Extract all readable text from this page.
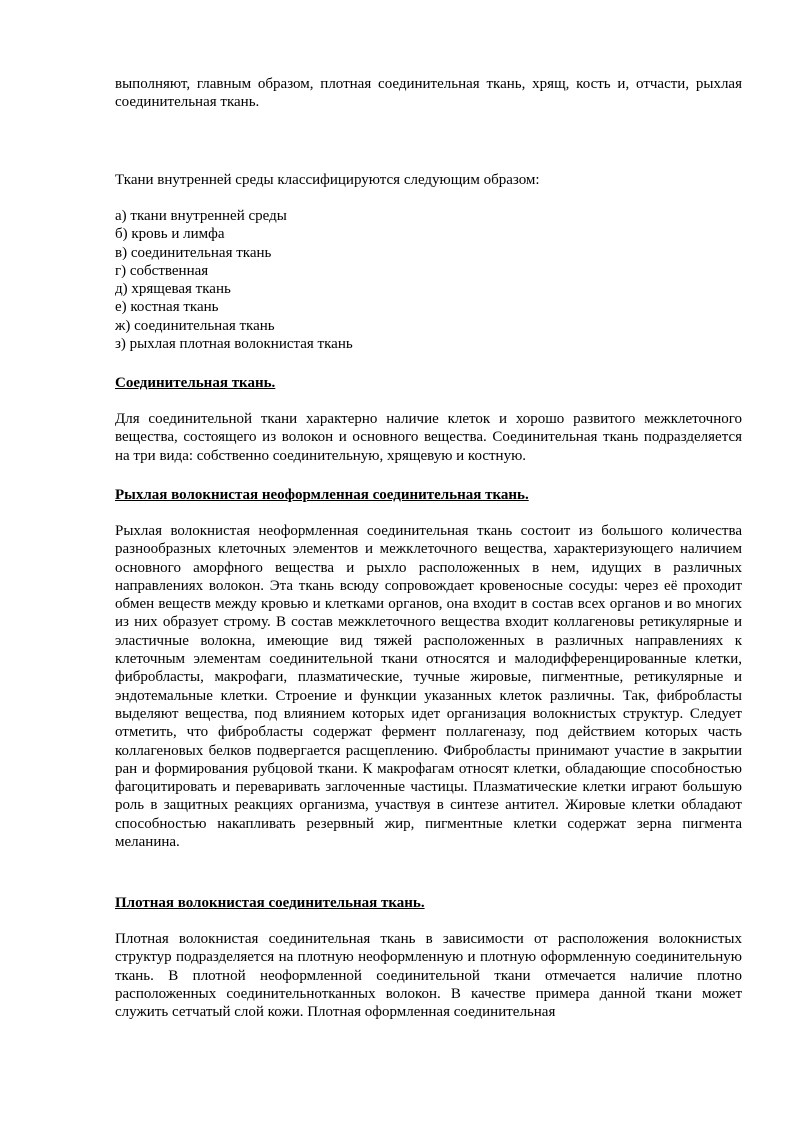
выполняют, главным образом, плотная соединительная ткань, хрящ, кость и, отчасти, рыхлая соединительная ткань.
Ткани внутренней среды классифицируются следующим образом:
а) ткани внутренней среды
б) кровь и лимфа
в) соединительная ткань
г) собственная
д) хрящевая ткань
е) костная ткань
ж) соединительная ткань
з) рыхлая плотная волокнистая ткань
Соединительная ткань.
Для соединительной ткани характерно наличие клеток и хорошо развитого межклеточного вещества, состоящего из волокон и основного вещества. Соединительная ткань подразделяется на три вида: собственно соединительную, хрящевую и костную.
Рыхлая волокнистая неоформленная соединительная ткань.
Рыхлая волокнистая неоформленная соединительная ткань состоит из большого количества разнообразных клеточных элементов и межклеточного вещества, характеризующего наличием основного аморфного вещества и рыхло расположенных в нем, идущих в различных направлениях волокон. Эта ткань всюду сопровождает кровеносные сосуды: через её проходит обмен веществ между кровью и клетками органов, она входит в состав всех органов и во многих из них образует строму. В состав межклеточного вещества входит коллагеновы ретикулярные и эластичные волокна, имеющие вид тяжей расположенных в различных направлениях к клеточным элементам соединительной ткани относятся и малодифференцированные клетки, фибробласты, макрофаги, плазматические, тучные жировые, пигментные, ретикулярные и эндотемальные клетки. Строение и функции указанных клеток различны. Так, фибробласты выделяют вещества, под влиянием которых идет организация волокнистых структур. Следует отметить, что фибробласты содержат фермент поллагеназу, под действием которых часть коллагеновых белков подвергается расщеплению. Фибробласты принимают участие в закрытии ран и формирования рубцовой ткани. К макрофагам относят клетки, обладающие способностью фагоцитировать и переваривать заглоченные частицы. Плазматические клетки играют большую роль в защитных реакциях организма, участвуя в синтезе антител. Жировые клетки обладают способностью накапливать резервный жир, пигментные клетки содержат зерна пигмента меланина.
Плотная волокнистая соединительная ткань.
Плотная волокнистая соединительная ткань в зависимости от расположения волокнистых структур подразделяется на плотную неоформленную и плотную оформленную соединительную ткань. В плотной неоформленной соединительной ткани отмечается наличие плотно расположенных соединительнотканных волокон. В качестве примера данной ткани может служить сетчатый слой кожи. Плотная оформленная соединительная
